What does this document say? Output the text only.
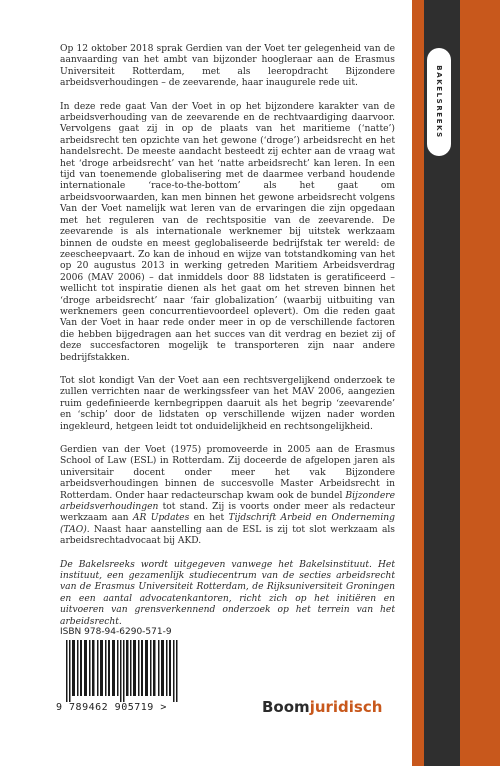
BAKELSREEKS

Op 12 oktober 2018 sprak Gerdien van der Voet ter gelegenheid van de aanvaarding van het ambt van bijzonder hoogleraar aan de Erasmus Universiteit Rotterdam, met als leeropdracht Bijzondere arbeidsverhoudingen – de zeevarende, haar inaugurele rede uit.

In deze rede gaat Van der Voet in op het bijzondere karakter van de arbeidsverhouding van de zeevarende en de rechtvaardiging daarvoor. Vervolgens gaat zij in op de plaats van het maritieme (‘natte’) arbeidsrecht ten opzichte van het gewone (‘droge’) arbeidsrecht en het handelsrecht. De meeste aandacht besteedt zij echter aan de vraag wat het ‘droge arbeidsrecht’ van het ‘natte arbeidsrecht’ kan leren. In een tijd van toenemende globalisering met de daarmee verband houdende internationale ‘race-to-the-bottom’ als het gaat om arbeidsvoorwaarden, kan men binnen het gewone arbeidsrecht volgens Van der Voet namelijk wat leren van de ervaringen die zijn opgedaan met het reguleren van de rechtspositie van de zeevarende. De zeevarende is als internationale werknemer bij uitstek werkzaam binnen de oudste en meest geglobaliseerde bedrijfstak ter wereld: de zeescheepvaart. Zo kan de inhoud en wijze van totstandkoming van het op 20 augustus 2013 in werking getreden Maritiem Arbeidsverdrag 2006 (MAV 2006) – dat inmiddels door 88 lidstaten is geratificeerd – wellicht tot inspiratie dienen als het gaat om het streven binnen het ‘droge arbeidsrecht’ naar ‘fair globalization’ (waarbij uitbuiting van werknemers geen concurrentievoordeel oplevert). Om die reden gaat Van der Voet in haar rede onder meer in op de verschillende factoren die hebben bijgedragen aan het succes van dit verdrag en beziet zij of deze succesfactoren mogelijk te transporteren zijn naar andere bedrijfstakken.

Tot slot kondigt Van der Voet aan een rechtsvergelijkend onderzoek te zullen verrichten naar de werkingssfeer van het MAV 2006, aangezien ruim gedefinieerde kernbegrippen daaruit als het begrip ‘zeevarende’ en ‘schip’ door de lidstaten op verschillende wijzen nader worden ingekleurd, hetgeen leidt tot onduidelijkheid en rechtsongelijkheid.

Gerdien van der Voet (1975) promoveerde in 2005 aan de Erasmus School of Law (ESL) in Rotterdam. Zij doceerde de afgelopen jaren als universitair docent onder meer het vak Bijzondere arbeidsverhoudingen binnen de succesvolle Master Arbeidsrecht in Rotterdam. Onder haar redacteurschap kwam ook de bundel Bijzondere arbeidsverhoudingen tot stand. Zij is voorts onder meer als redacteur werkzaam aan AR Updates en het Tijdschrift Arbeid en Onderneming (TAO). Naast haar aanstelling aan de ESL is zij tot slot werkzaam als arbeidsrechtadvocaat bij AKD.

De Bakelsreeks wordt uitgegeven vanwege het Bakelsinstituut. Het instituut, een gezamenlijk studiecentrum van de secties arbeidsrecht van de Erasmus Universiteit Rotterdam, de Rijksuniversiteit Groningen en een aantal advocatenkantoren, richt zich op het initiëren en uitvoeren van grensverkennend onderzoek op het terrein van het arbeidsrecht.

ISBN 978-94-6290-571-9
9 789462 905719 >	Boomjuridisch
